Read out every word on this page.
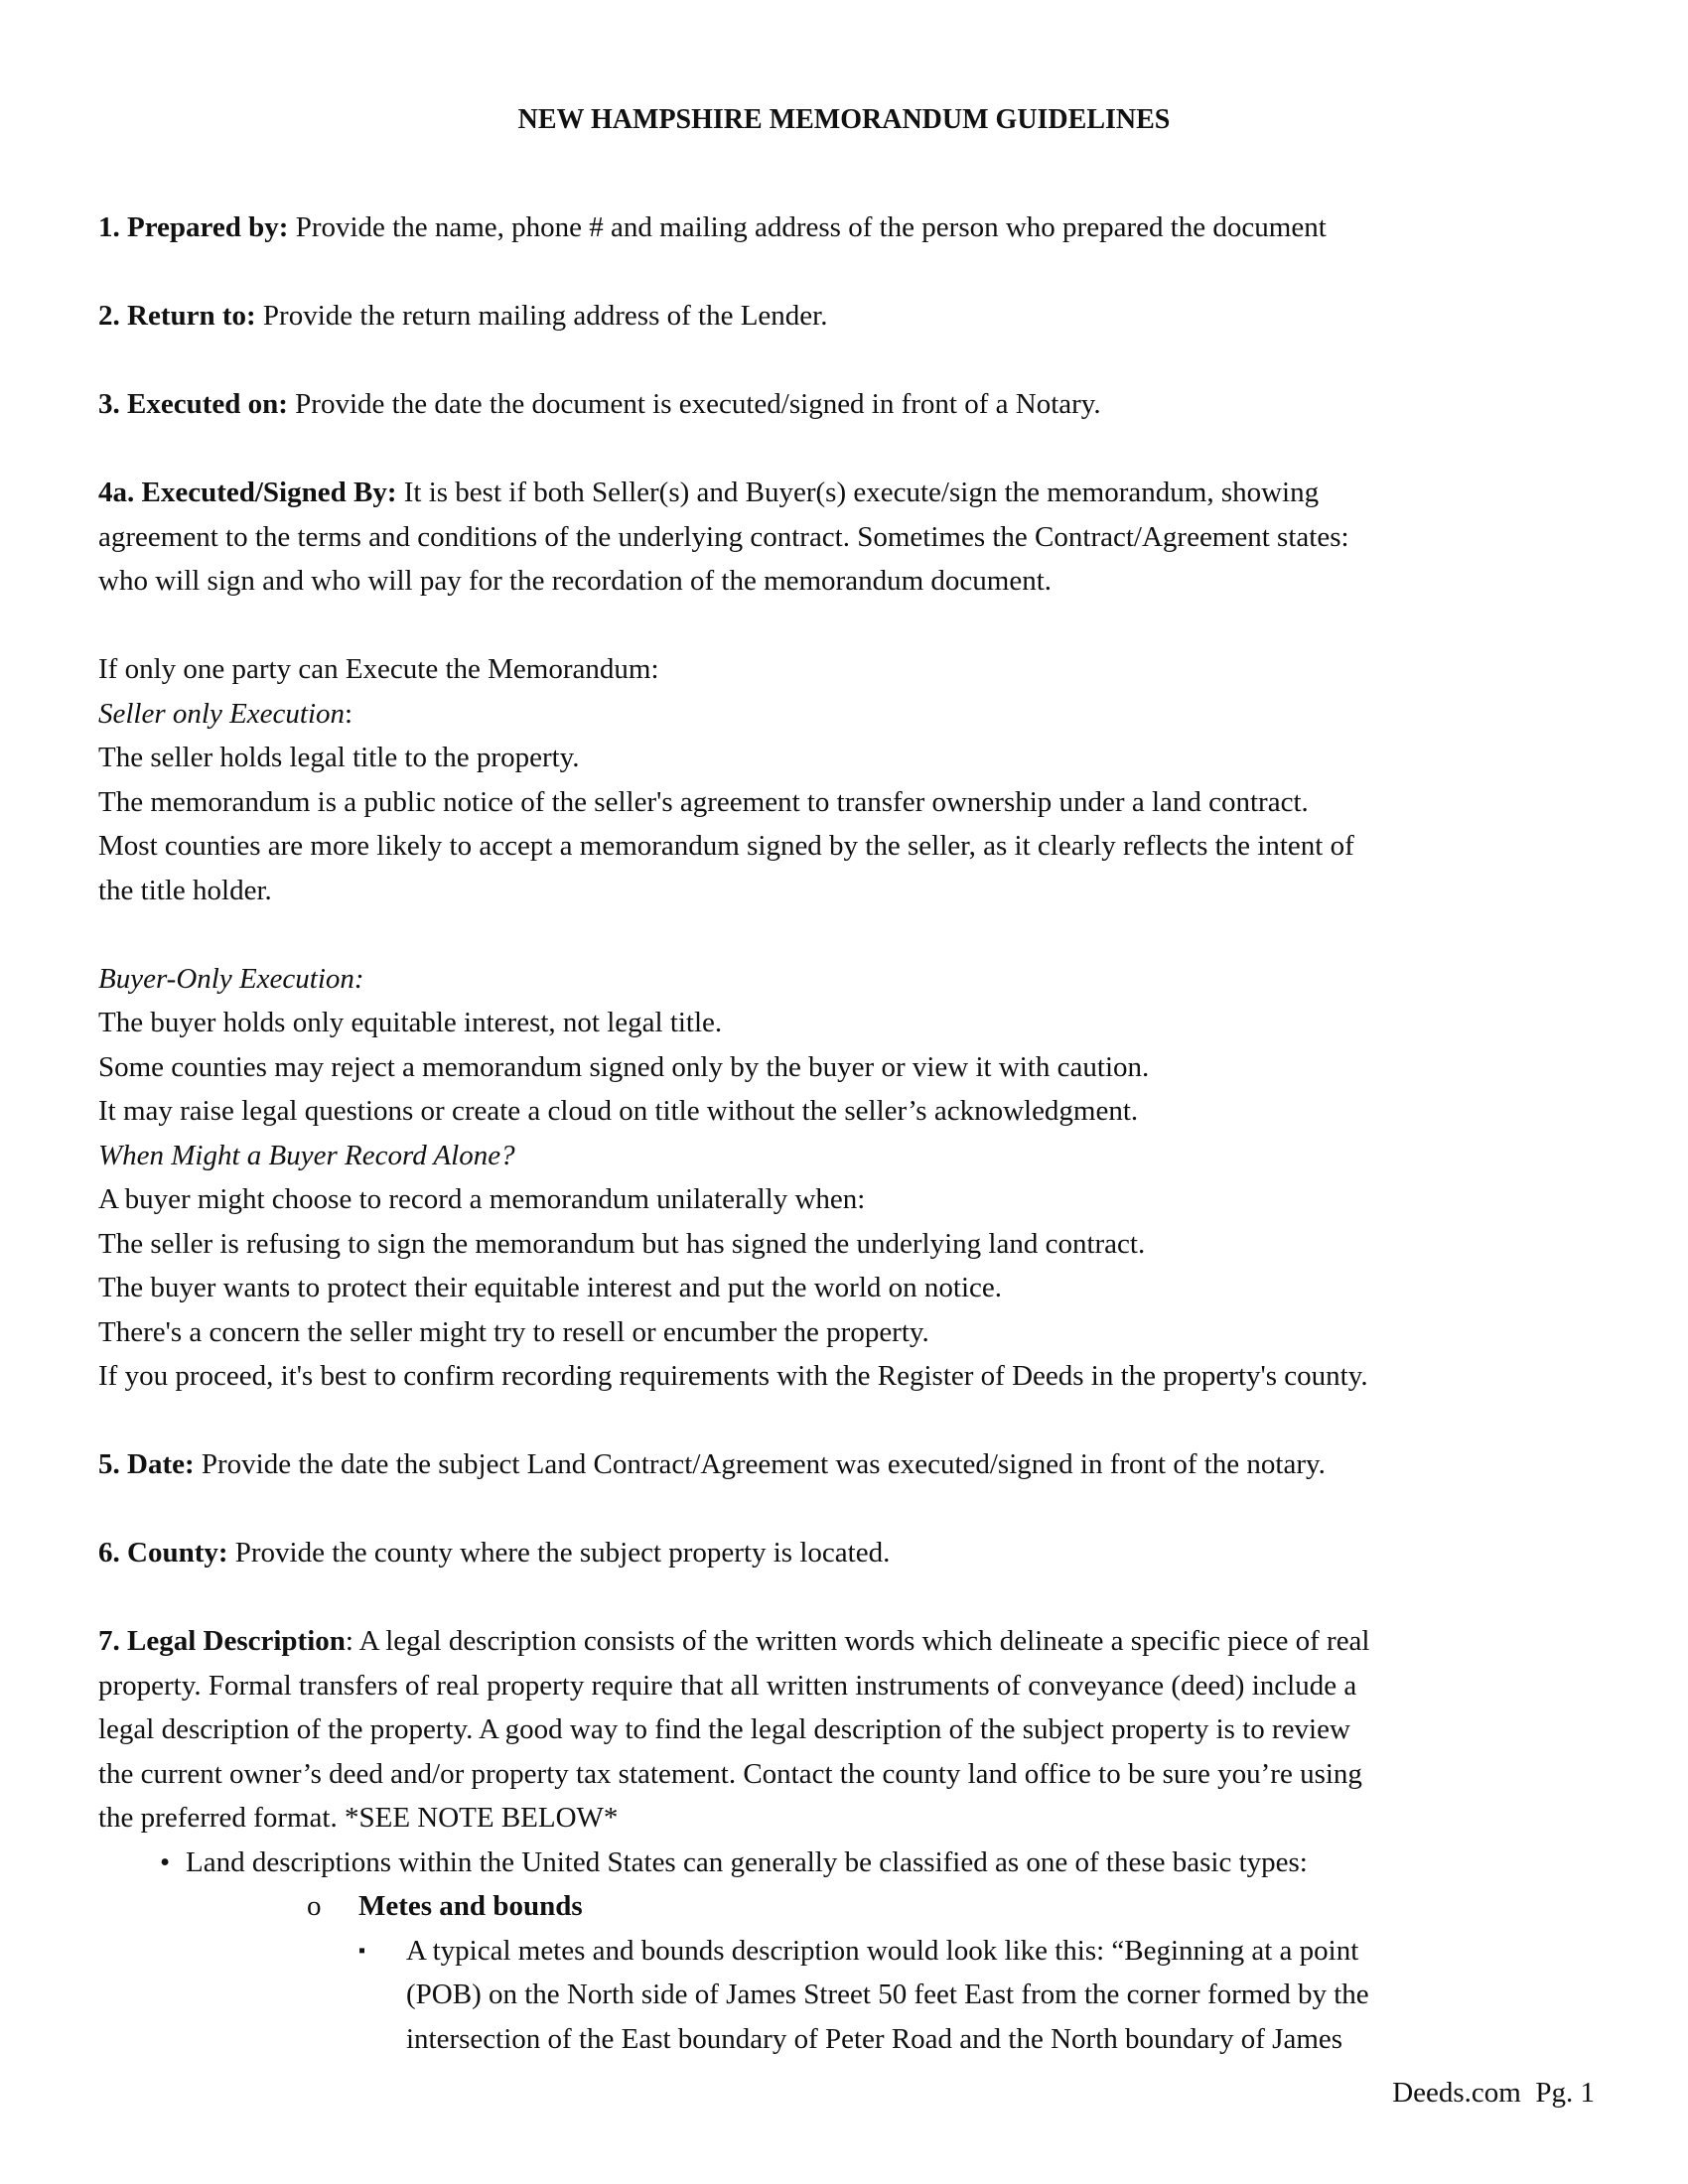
NEW HAMPSHIRE MEMORANDUM GUIDELINES
1. Prepared by: Provide the name, phone # and mailing address of the person who prepared the document
2. Return to: Provide the return mailing address of the Lender.
3. Executed on: Provide the date the document is executed/signed in front of a Notary.
4a. Executed/Signed By: It is best if both Seller(s) and Buyer(s) execute/sign the memorandum, showing
agreement to the terms and conditions of the underlying contract. Sometimes the Contract/Agreement states:
who will sign and who will pay for the recordation of the memorandum document.
If only one party can Execute the Memorandum:
Seller only Execution:
The seller holds legal title to the property.
The memorandum is a public notice of the seller's agreement to transfer ownership under a land contract.
Most counties are more likely to accept a memorandum signed by the seller, as it clearly reflects the intent of
the title holder.
Buyer-Only Execution:
The buyer holds only equitable interest, not legal title.
Some counties may reject a memorandum signed only by the buyer or view it with caution.
It may raise legal questions or create a cloud on title without the seller’s acknowledgment.
When Might a Buyer Record Alone?
A buyer might choose to record a memorandum unilaterally when:
The seller is refusing to sign the memorandum but has signed the underlying land contract.
The buyer wants to protect their equitable interest and put the world on notice.
There's a concern the seller might try to resell or encumber the property.
If you proceed, it's best to confirm recording requirements with the Register of Deeds in the property's county.
5. Date: Provide the date the subject Land Contract/Agreement was executed/signed in front of the notary.
6. County: Provide the county where the subject property is located.
7. Legal Description: A legal description consists of the written words which delineate a specific piece of real
property. Formal transfers of real property require that all written instruments of conveyance (deed) include a
legal description of the property. A good way to find the legal description of the subject property is to review
the current owner’s deed and/or property tax statement. Contact the county land office to be sure you’re using
the preferred format. *SEE NOTE BELOW*
• Land descriptions within the United States can generally be classified as one of these basic types:
o Metes and bounds
▪ A typical metes and bounds description would look like this: “Beginning at a point
(POB) on the North side of James Street 50 feet East from the corner formed by the
intersection of the East boundary of Peter Road and the North boundary of James
Deeds.com Pg. 1
